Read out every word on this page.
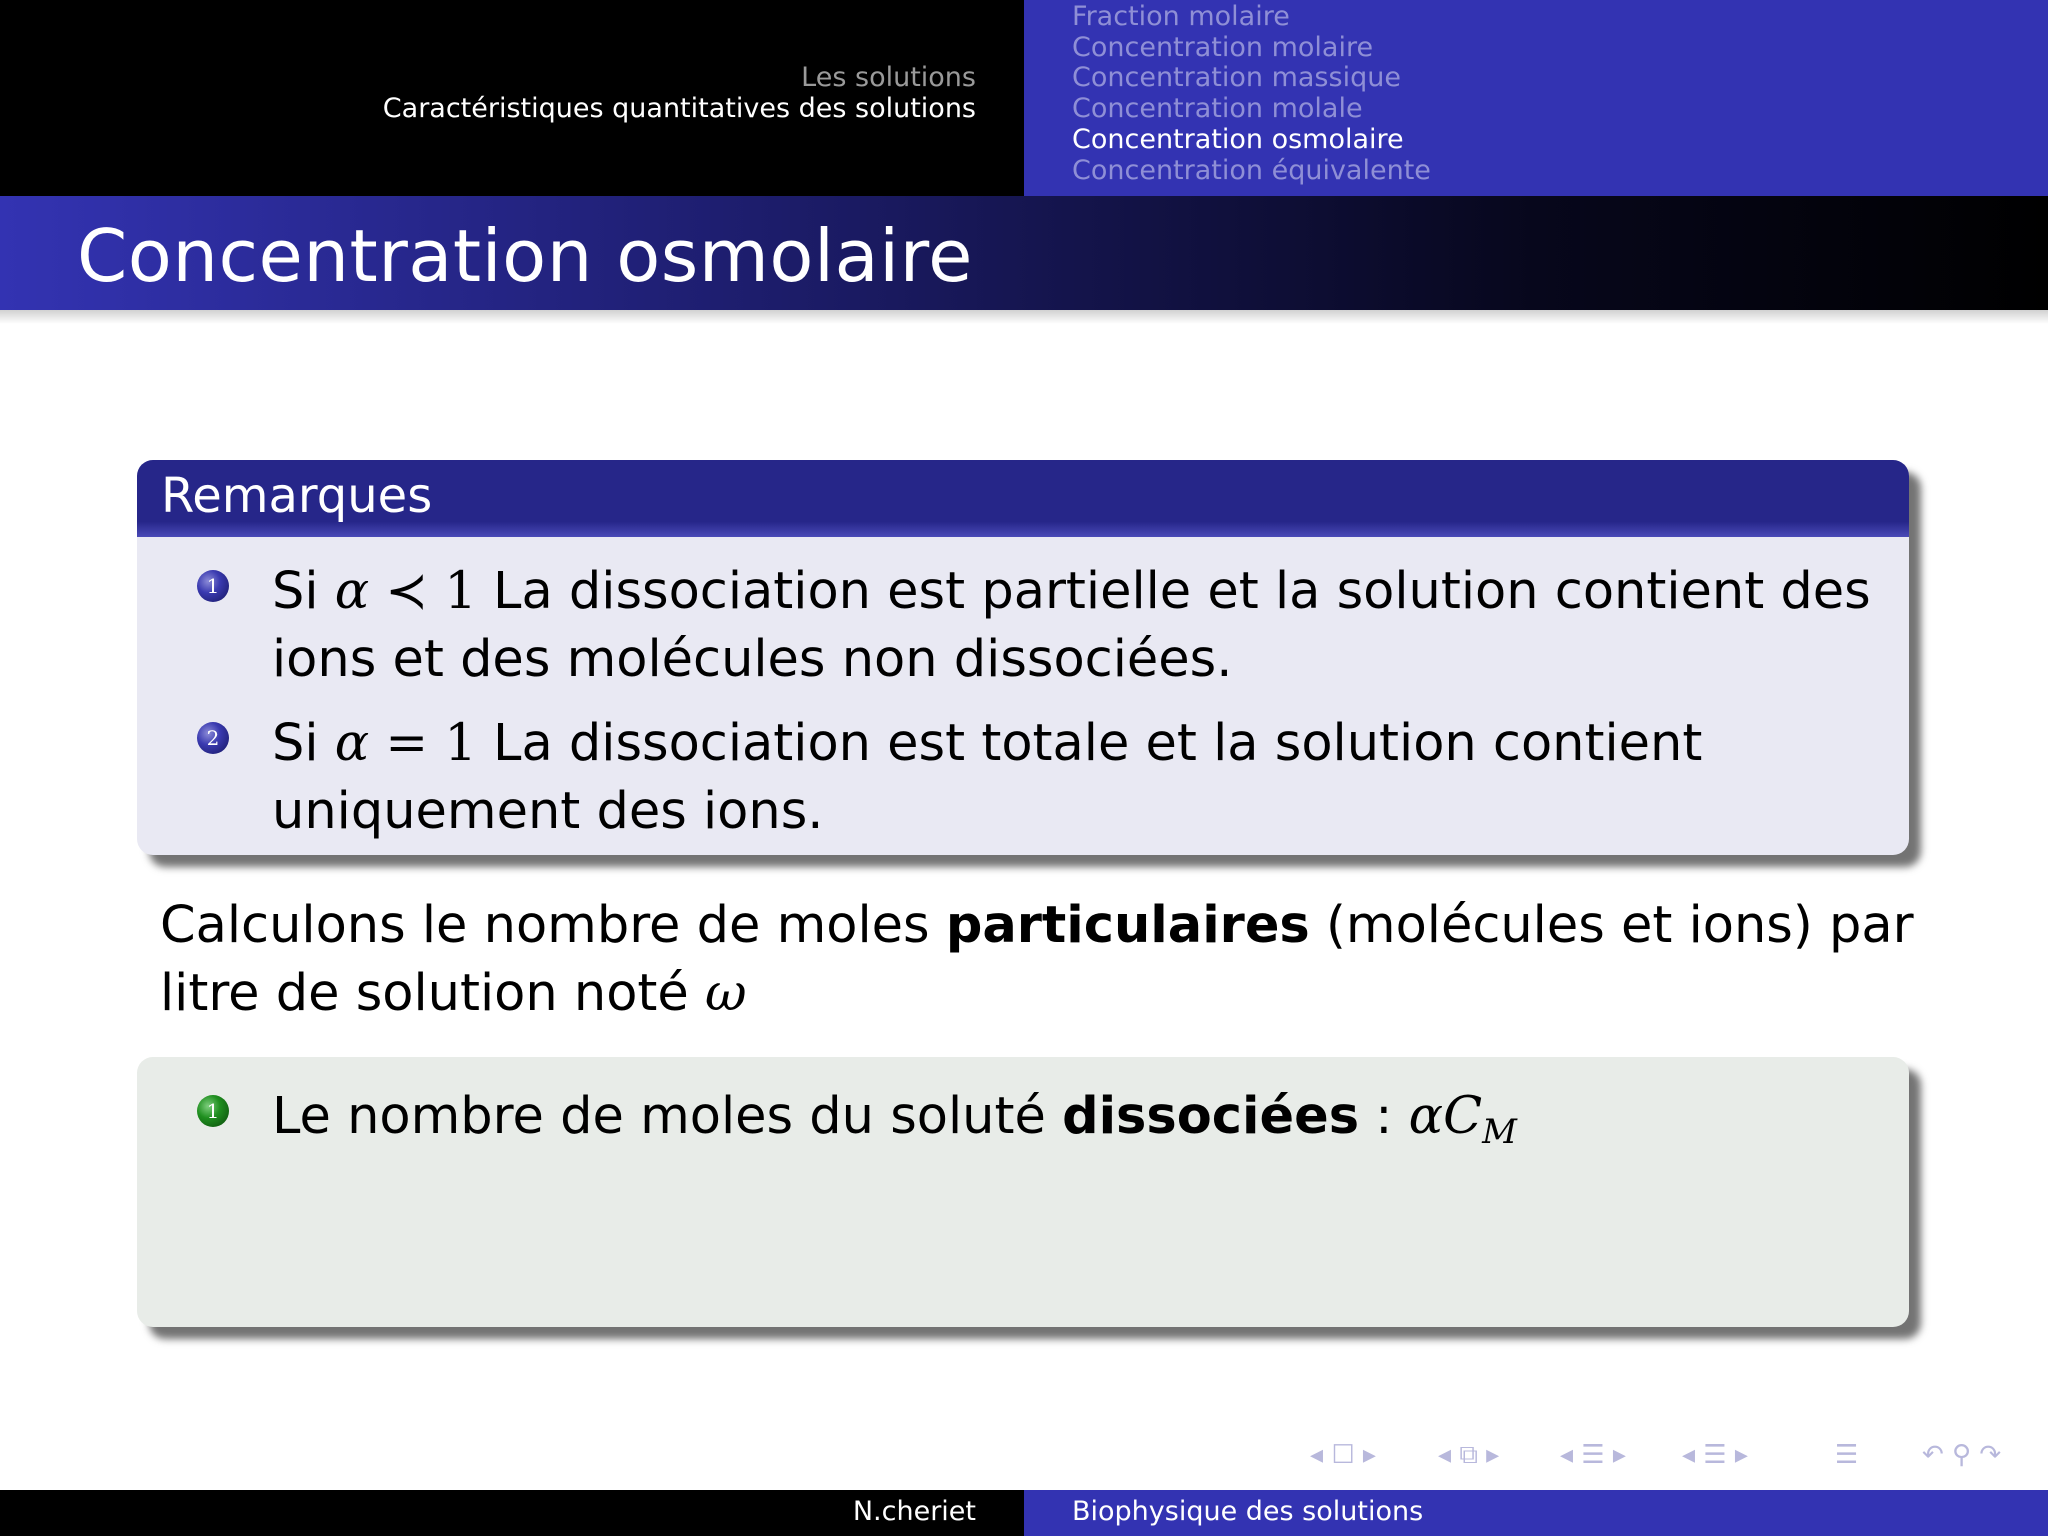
Les solutions
Caractéristiques quantitatives des solutions
Fraction molaire
Concentration molaire
Concentration massique
Concentration molale
Concentration osmolaire
Concentration équivalente
Concentration osmolaire
Remarques
1 Si α ≺ 1 La dissociation est partielle et la solution contient des ions et des molécules non dissociées.
2 Si α = 1 La dissociation est totale et la solution contient uniquement des ions.
Calculons le nombre de moles particulaires (molécules et ions) par litre de solution noté ω
1 Le nombre de moles du soluté dissociées : $\alpha C_M$
◂ ☐ ▸ ◂ ⧉ ▸ ◂ ☰ ▸ ◂ ☰ ▸	☰ ↶ ⚲ ↷
N.cheriet	Biophysique des solutions
